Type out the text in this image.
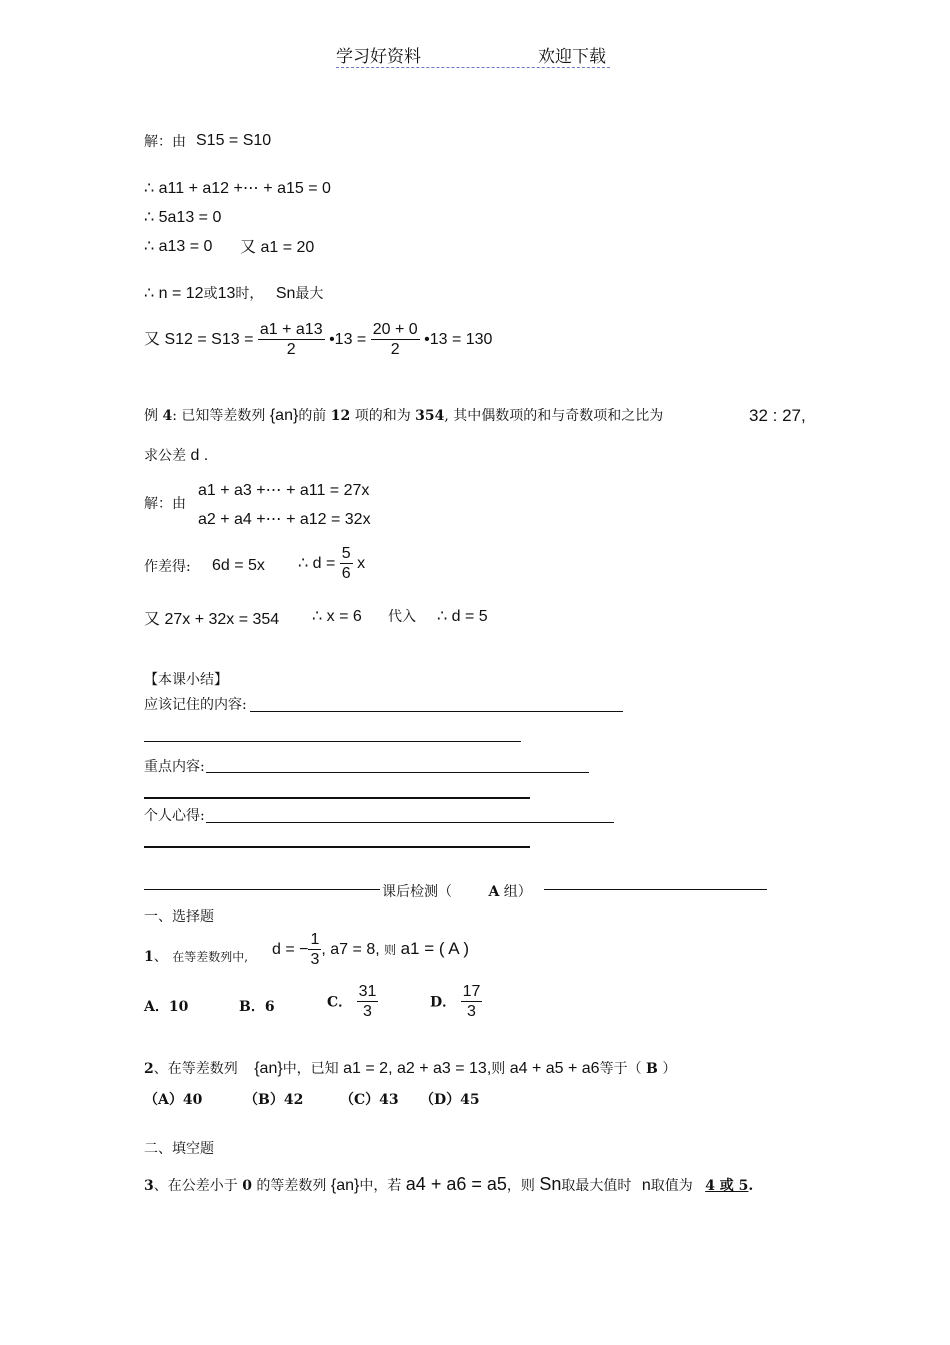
学习好资料	欢迎下载

解：由 S15 = S10
∴ a11 + a12 +⋯ + a15 = 0
∴ 5a13 = 0
∴ a13 = 0 又 a1 = 20
∴ n = 12或13时， Sn最大
又 $S12 = S13 = \frac{a1 + a13}{2}$ •13 = $\frac{20 + 0}{2}$ •13 = 130
例 4: 已知等差数列 {an}的前 12 项的和为 354, 其中偶数项的和与奇数项和之比为	32 : 27,
求公差 d .
解：由
a1 + a3 +⋯ + a11 = 27x
a2 + a4 +⋯ + a12 = 32x
作差得: 6d = 5x ∴ $d = \frac{5}{6}$ x
又 27x + 32x = 354 ∴ x = 6 代入 ∴ d = 5
【本课小结】
应该记住的内容:
重点内容:
个人心得:
课后检测（	A 组）
一、选择题
1、 在等差数列中, d = − $\frac{1}{3}$ , a7 = 8, 则 a1 = ( A )
A．10	B．6	C． $\frac{31}{3}$	D． $\frac{17}{3}$
2、在等差数列 {an}中，已知 a1 = 2, a2 + a3 = 13,则 a4 + a5 + a6等于（ B ）
（A）40	（B）42	（C）43 （D）45
二、填空题
3、在公差小于 0 的等差数列 {an}中，若 a4 + a6 = a5，则 Sn取最大值时 n取值为 4 或 5.
